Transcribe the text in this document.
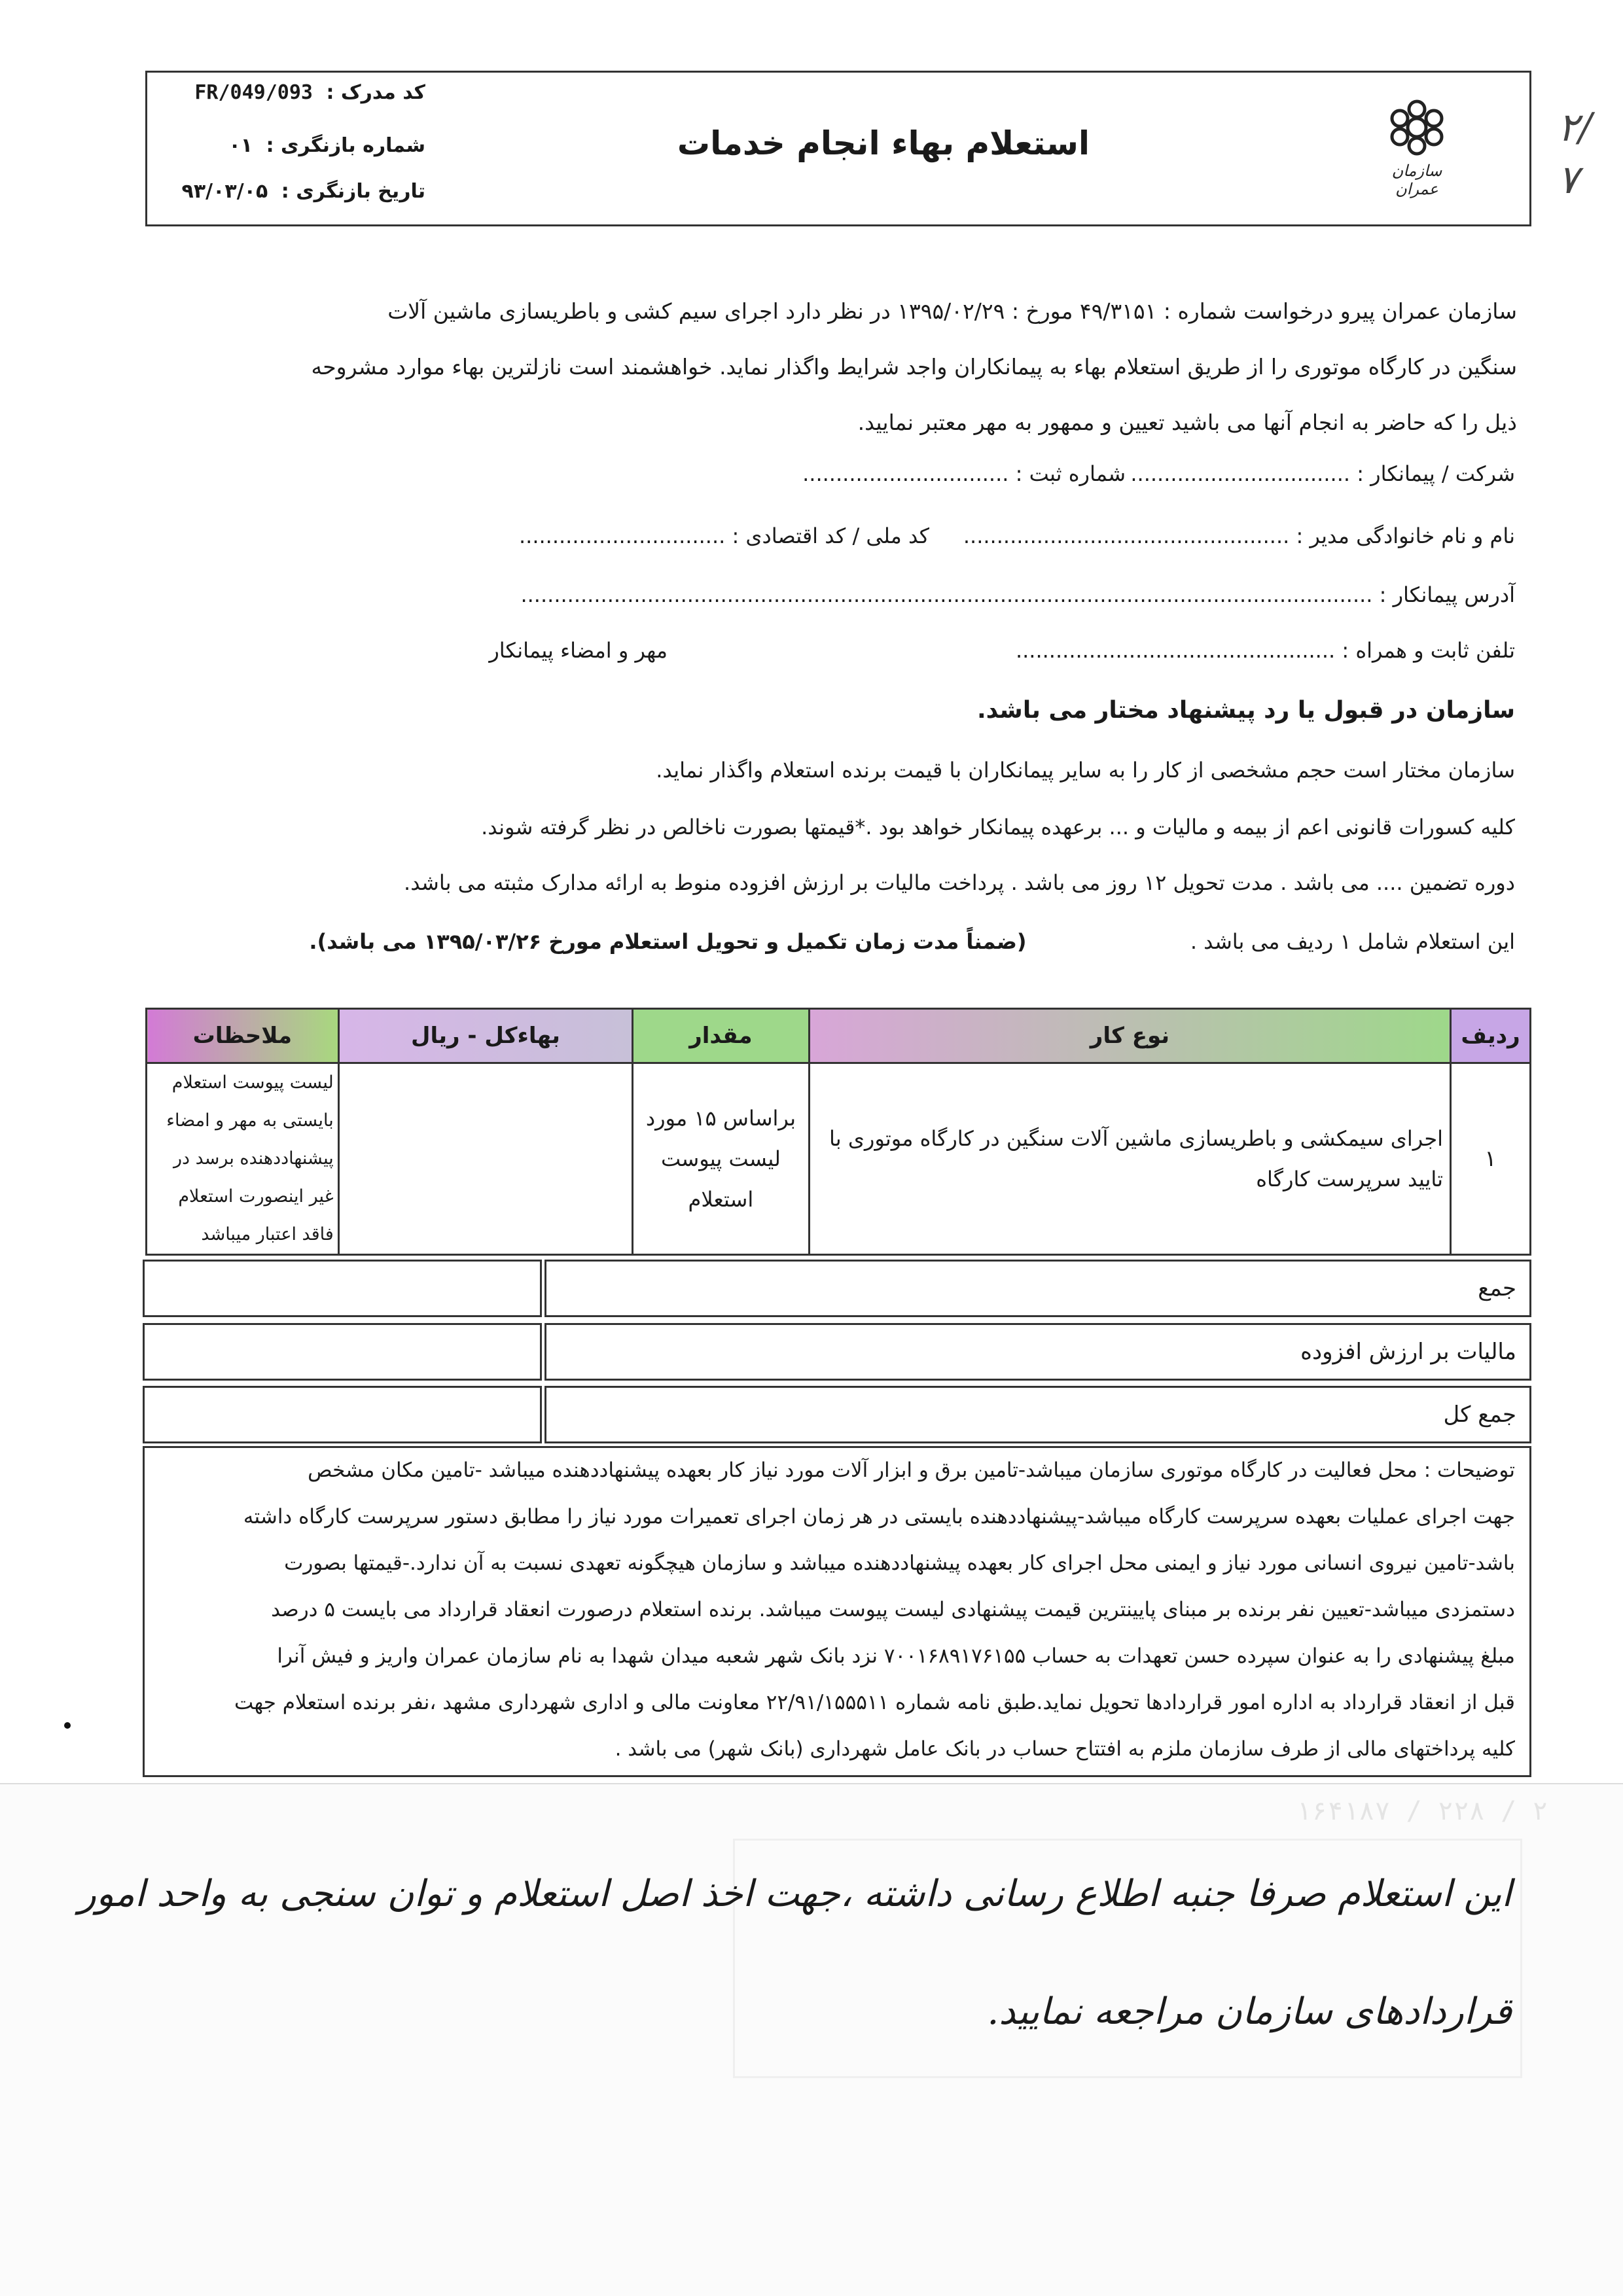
سازمان عمران
استعلام بهاء انجام خدمات
کد مدرک : FR/049/093
شماره بازنگری : ۰۱
تاریخ بازنگری : ۹۳/۰۳/۰۵
۲/
۷
سازمان عمران پیرو درخواست شماره : ۴۹/۳۱۵۱ مورخ : ۱۳۹۵/۰۲/۲۹ در نظر دارد اجرای سیم کشی و باطریسازی ماشین آلات
سنگین در کارگاه موتوری را از طریق استعلام بهاء به پیمانکاران واجد شرایط واگذار نماید. خواهشمند است نازلترین بهاء موارد مشروحه
ذیل را که حاضر به انجام آنها می باشید تعیین و ممهور به مهر معتبر نمایید.
شرکت / پیمانکار : .................................
شماره ثبت : ...............................
نام و نام خانوادگی مدیر : .................................................
کد ملی / کد اقتصادی : ...............................
آدرس پیمانکار : ................................................................................................................................
تلفن ثابت و همراه : ................................................
مهر و امضاء پیمانکار
سازمان در قبول یا رد پیشنهاد مختار می باشد.
سازمان مختار است حجم مشخصی از کار را به سایر پیمانکاران با قیمت برنده استعلام واگذار نماید.
کلیه کسورات قانونی اعم از بیمه و مالیات و ... برعهده پیمانکار خواهد بود .*قیمتها بصورت ناخالص در نظر گرفته شوند.
دوره تضمین .... می باشد . مدت تحویل ۱۲ روز می باشد . پرداخت مالیات بر ارزش افزوده منوط به ارائه مدارک مثبته می باشد.
این استعلام شامل ۱ ردیف می باشد .  (ضمناً مدت زمان تکمیل و تحویل استعلام مورخ ۱۳۹۵/۰۳/۲۶ می باشد).
ردیف	نوع کار	مقدار	بهاءکل - ریال	ملاحظات
۱	اجرای سیمکشی و باطریسازی ماشین آلات سنگین در کارگاه موتوری با تایید سرپرست کارگاه	براساس ۱۵ مورد لیست پیوست استعلام		لیست پیوست استعلام بایستی به مهر و امضاء پیشنهاددهنده برسد در غیر اینصورت استعلام فاقد اعتبار میباشد
جمع
مالیات بر ارزش افزوده
جمع کل
توضیحات : محل فعالیت در کارگاه موتوری سازمان میباشد-تامین برق و ابزار آلات مورد نیاز کار بعهده پیشنهاددهنده میباشد -تامین مکان مشخص
جهت اجرای عملیات بعهده سرپرست کارگاه میباشد-پیشنهاددهنده بایستی در هر زمان اجرای تعمیرات مورد نیاز را مطابق دستور سرپرست کارگاه داشته
باشد-تامین نیروی انسانی مورد نیاز و ایمنی محل اجرای کار بعهده پیشنهاددهنده میباشد و سازمان هیچگونه تعهدی نسبت به آن ندارد.-قیمتها بصورت
دستمزدی میباشد-تعیین نفر برنده بر مبنای پایینترین قیمت پیشنهادی لیست پیوست میباشد. برنده استعلام درصورت انعقاد قرارداد می بایست ۵ درصد
مبلغ پیشنهادی را به عنوان سپرده حسن تعهدات به حساب ۷۰۰۱۶۸۹۱۷۶۱۵۵ نزد بانک شهر شعبه میدان شهدا به نام سازمان عمران واریز و فیش آنرا
قبل از انعقاد قرارداد به اداره امور قراردادها تحویل نماید.طبق نامه شماره ۲۲/۹۱/۱۵۵۵۱۱ معاونت مالی و اداری شهرداری مشهد ،نفر برنده استعلام جهت
کلیه پرداختهای مالی از طرف سازمان ملزم به افتتاح حساب در بانک عامل شهرداری (بانک شهر) می باشد .
۱۶۴۱۸۷ / ۲۲۸ / ۲
این استعلام صرفا جنبه اطلاع رسانی داشته ،جهت اخذ اصل استعلام و توان سنجی به واحد امور
قراردادهای سازمان مراجعه نمایید.
